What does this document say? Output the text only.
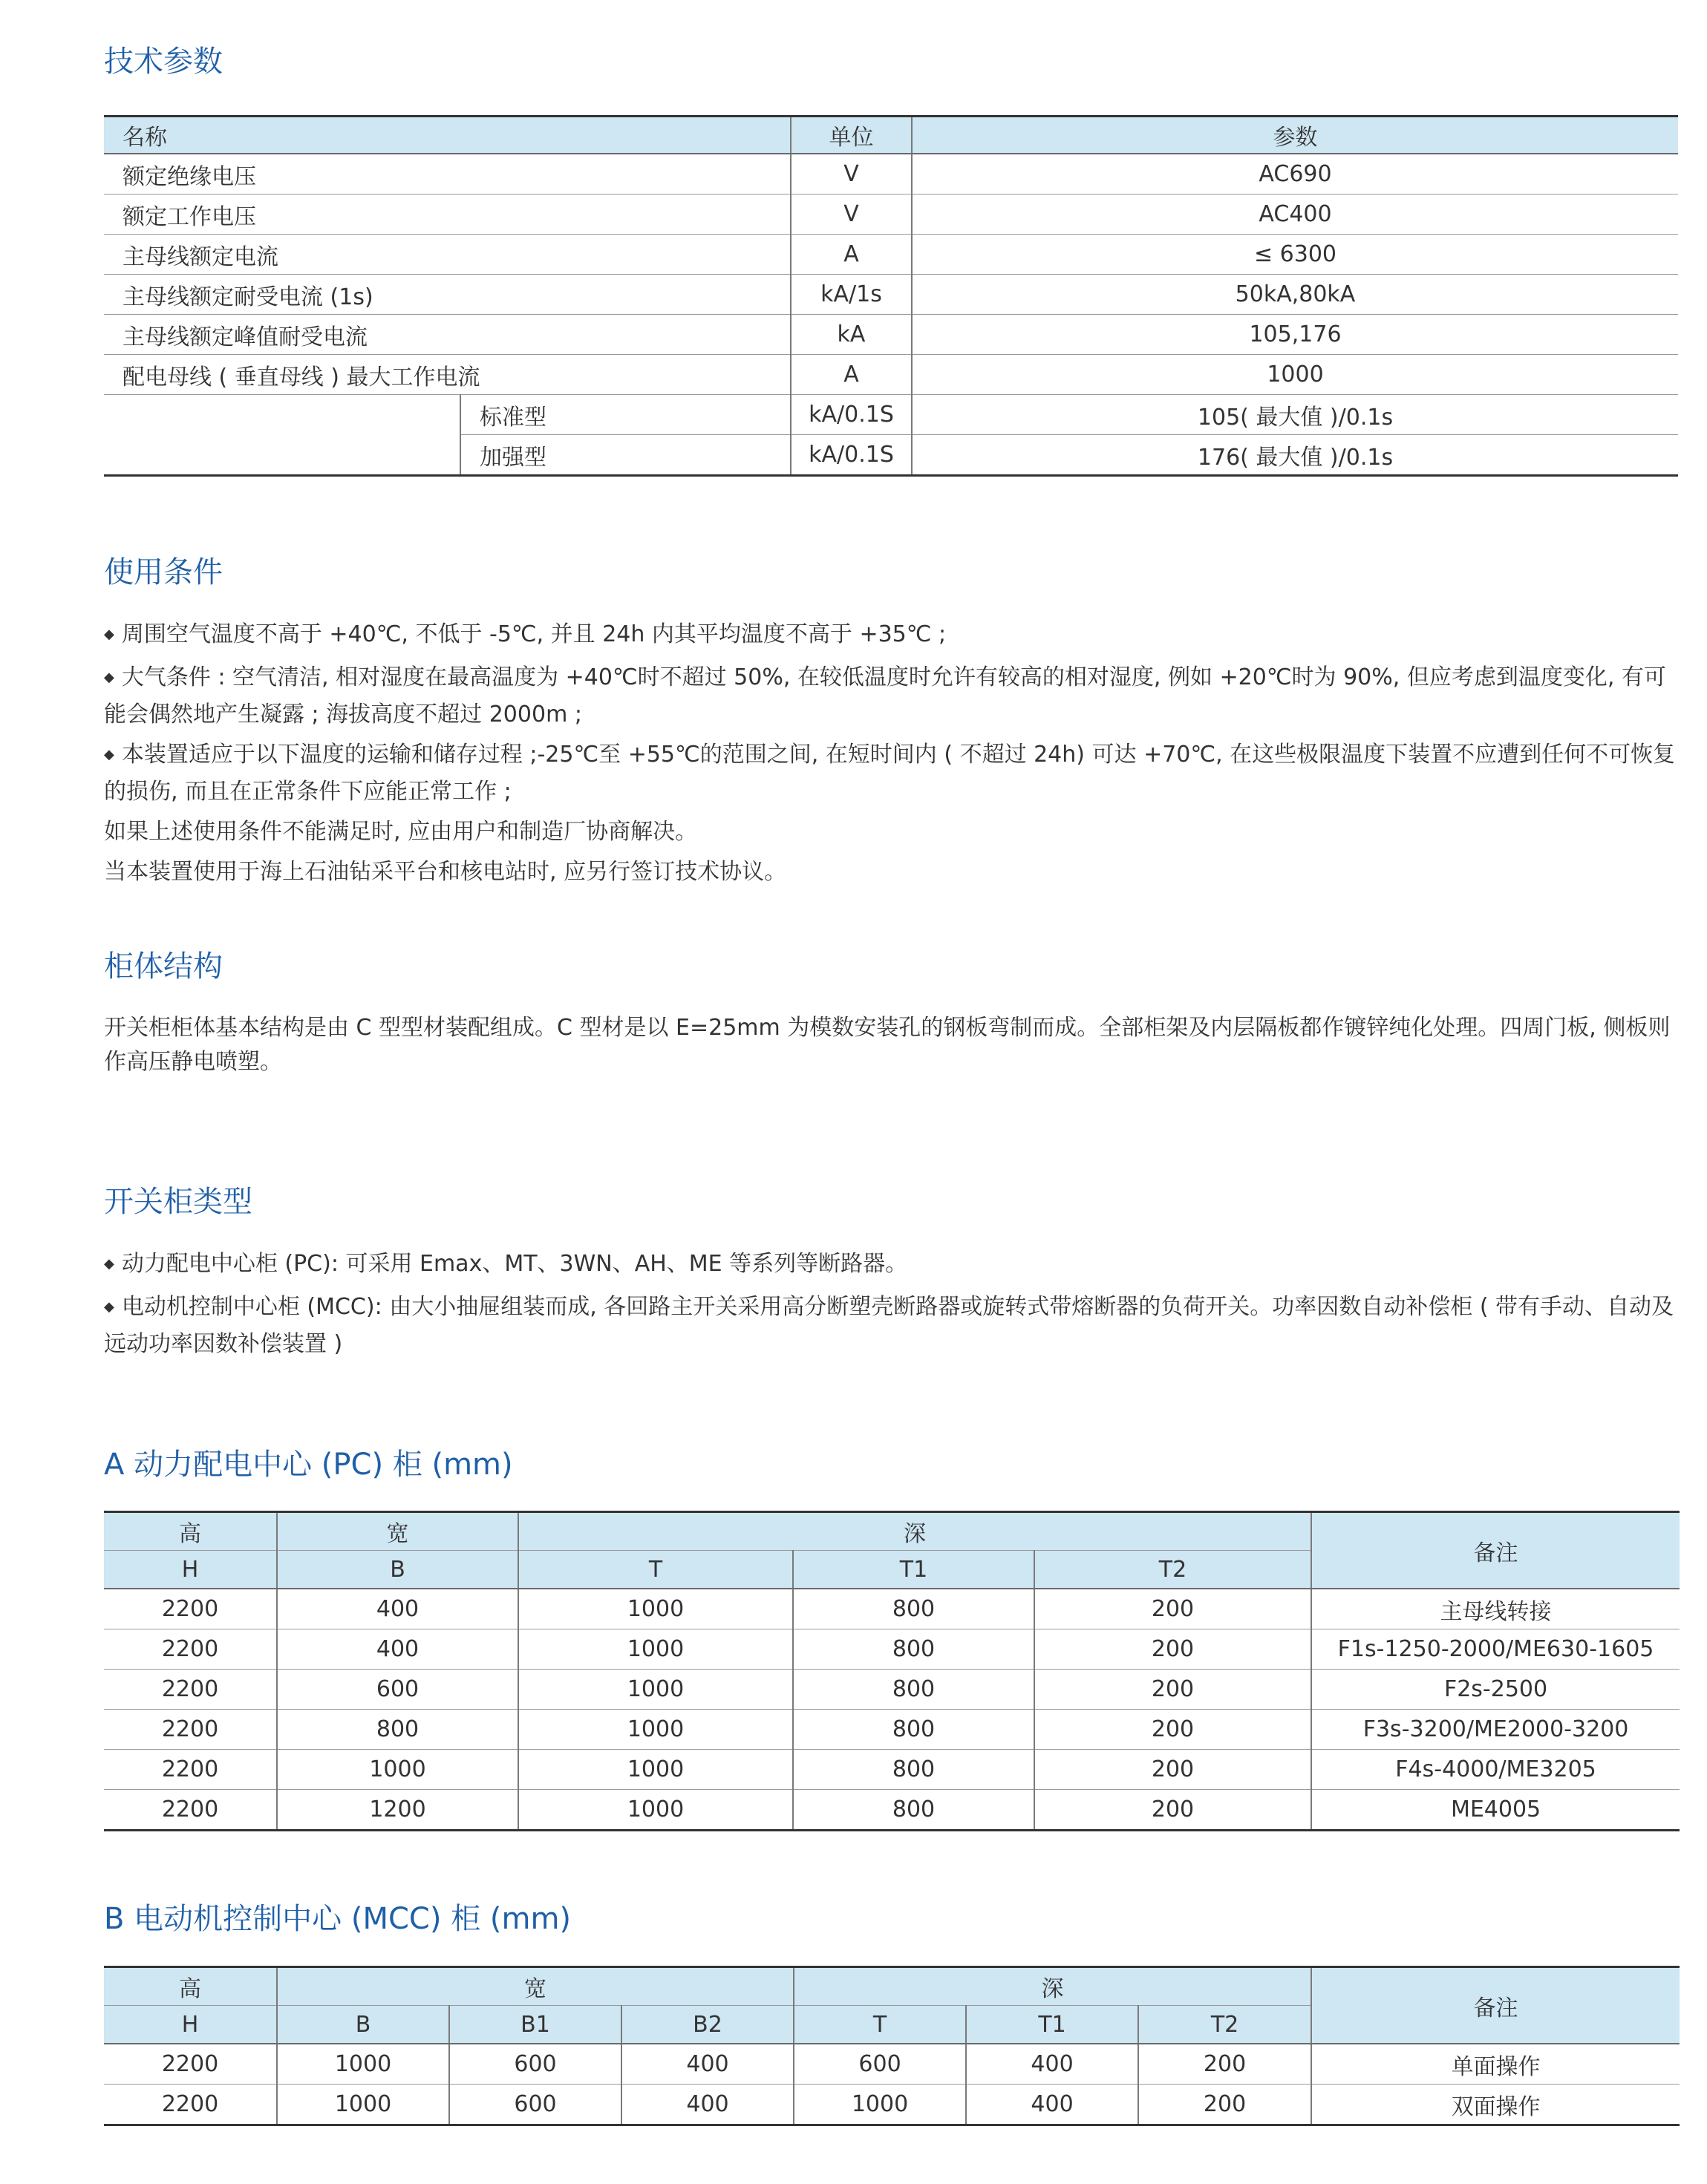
技术参数
名称		单位	参数
额定绝缘电压		V	AC690
额定工作电压		V	AC400
主母线额定电流		A	≤ 6300
主母线额定耐受电流 (1s)		kA/1s	50kA,80kA
主母线额定峰值耐受电流		kA	105,176
配电母线 ( 垂直母线 ) 最大工作电流		A	1000
	标准型	kA/0.1S	105( 最大值 )/0.1s
	加强型	kA/0.1S	176( 最大值 )/0.1s
使用条件
◆ 周围空气温度不高于 +40℃, 不低于 -5℃, 并且 24h 内其平均温度不高于 +35℃ ;
◆ 大气条件 : 空气清洁, 相对湿度在最高温度为 +40℃时不超过 50%, 在较低温度时允许有较高的相对湿度, 例如 +20℃时为 90%, 但应考虑到温度变化, 有可能会偶然地产生凝露 ; 海拔高度不超过 2000m ;
◆ 本装置适应于以下温度的运输和储存过程 ;-25℃至 +55℃的范围之间, 在短时间内 ( 不超过 24h) 可达 +70℃, 在这些极限温度下装置不应遭到任何不可恢复的损伤, 而且在正常条件下应能正常工作 ;
如果上述使用条件不能满足时, 应由用户和制造厂协商解决。
当本装置使用于海上石油钻采平台和核电站时, 应另行签订技术协议。
柜体结构

开关柜柜体基本结构是由 C 型型材装配组成。C 型材是以 E=25mm 为模数安装孔的钢板弯制而成。全部柜架及内层隔板都作镀锌纯化处理。四周门板, 侧板则作高压静电喷塑。

开关柜类型
◆ 动力配电中心柜 (PC): 可采用 Emax、MT、3WN、AH、ME 等系列等断路器。
◆ 电动机控制中心柜 (MCC): 由大小抽屉组装而成, 各回路主开关采用高分断塑壳断路器或旋转式带熔断器的负荷开关。功率因数自动补偿柜 ( 带有手动、自动及远动功率因数补偿装置 )
A 动力配电中心 (PC) 柜 (mm)
高	宽	深			备注
H	B	T	T1	T2	
2200	400	1000	800	200	主母线转接
2200	400	1000	800	200	F1s-1250-2000/ME630-1605
2200	600	1000	800	200	F2s-2500
2200	800	1000	800	200	F3s-3200/ME2000-3200
2200	1000	1000	800	200	F4s-4000/ME3205
2200	1200	1000	800	200	ME4005
B 电动机控制中心 (MCC) 柜 (mm)
高	宽			深			备注
H	B	B1	B2	T	T1	T2	
2200	1000	600	400	600	400	200	单面操作
2200	1000	600	400	1000	400	200	双面操作
